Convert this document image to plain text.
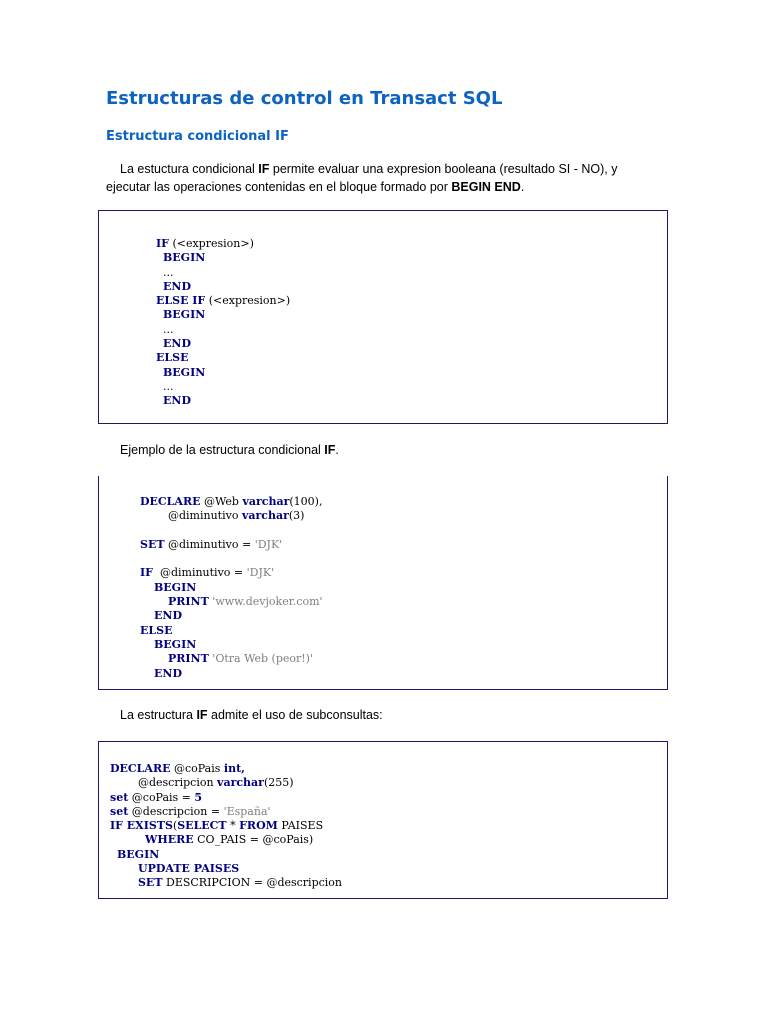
Estructuras de control en Transact SQL
Estructura condicional IF

La estuctura condicional IF permite evaluar una expresion booleana (resultado SI - NO), y ejecutar las operaciones contenidas en el bloque formado por BEGIN END.

IF (<expresion>)
BEGIN
...
END
ELSE IF (<expresion>)
BEGIN
...
END
ELSE
BEGIN
...
END

Ejemplo de la estructura condicional IF.

DECLARE @Web varchar(100),
@diminutivo varchar(3)

SET @diminutivo = 'DJK'

IF  @diminutivo = 'DJK'
BEGIN
PRINT 'www.devjoker.com'
END
ELSE
BEGIN
PRINT 'Otra Web (peor!)'
END

La estructura IF admite el uso de subconsultas:

DECLARE @coPais int,
@descripcion varchar(255)
set @coPais = 5
set @descripcion = 'España'
IF EXISTS(SELECT * FROM PAISES
WHERE CO_PAIS = @coPais)
BEGIN
UPDATE PAISES
SET DESCRIPCION = @descripcion
